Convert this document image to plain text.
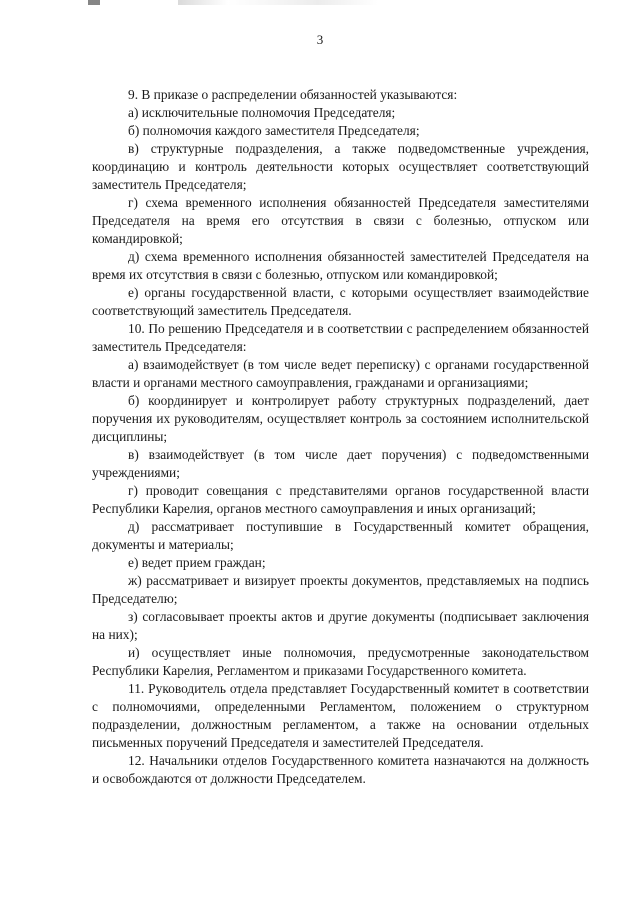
3

9. В приказе о распределении обязанностей указываются:

а) исключительные полномочия Председателя;

б) полномочия каждого заместителя Председателя;

в) структурные подразделения, а также подведомственные учреждения, координацию и контроль деятельности которых осуществляет соответствующий заместитель Председателя;

г) схема временного исполнения обязанностей Председателя заместителями Председателя на время его отсутствия в связи с болезнью, отпуском или командировкой;

д) схема временного исполнения обязанностей заместителей Председателя на время их отсутствия в связи с болезнью, отпуском или командировкой;

е) органы государственной власти, с которыми осуществляет взаимодействие соответствующий заместитель Председателя.

10. По решению Председателя и в соответствии с распределением обязанностей заместитель Председателя:

а) взаимодействует (в том числе ведет переписку) с органами государственной власти и органами местного самоуправления, гражданами и организациями;

б) координирует и контролирует работу структурных подразделений, дает поручения их руководителям, осуществляет контроль за состоянием исполнительской дисциплины;

в) взаимодействует (в том числе дает поручения) с подведомственными учреждениями;

г) проводит совещания с представителями органов государственной власти Республики Карелия, органов местного самоуправления и иных организаций;

д) рассматривает поступившие в Государственный комитет обращения, документы и материалы;

е) ведет прием граждан;

ж) рассматривает и визирует проекты документов, представляемых на подпись Председателю;

з) согласовывает проекты актов и другие документы (подписывает заключения на них);

и) осуществляет иные полномочия, предусмотренные законодательством Республики Карелия, Регламентом и приказами Государственного комитета.

11. Руководитель отдела представляет Государственный комитет в соответствии с полномочиями, определенными Регламентом, положением о структурном подразделении, должностным регламентом, а также на основании отдельных письменных поручений Председателя и заместителей Председателя.

12. Начальники отделов Государственного комитета назначаются на должность и освобождаются от должности Председателем.
